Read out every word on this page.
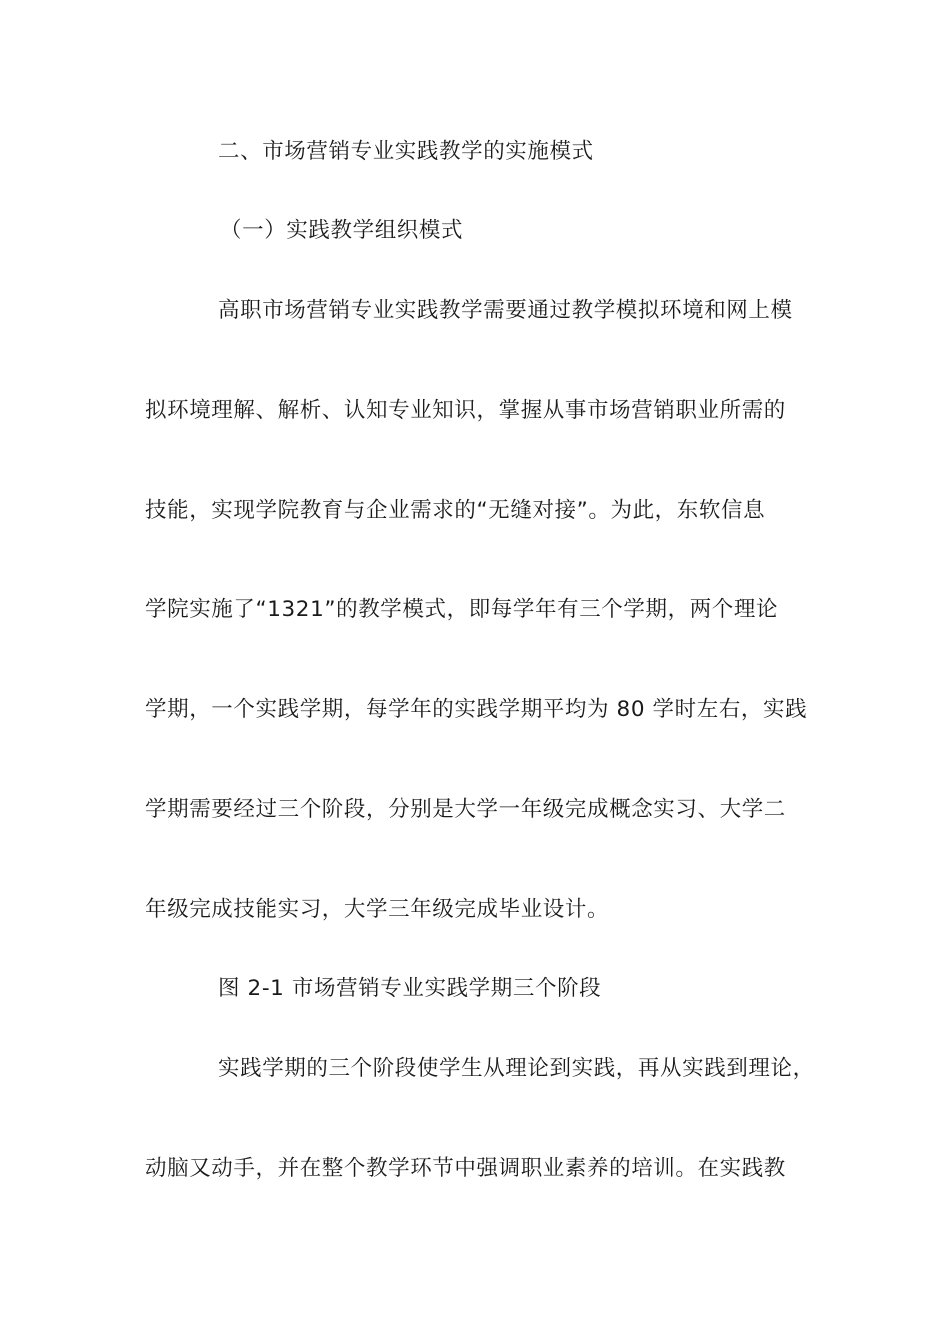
二、市场营销专业实践教学的实施模式
（一）实践教学组织模式
高职市场营销专业实践教学需要通过教学模拟环境和网上模
拟环境理解、解析、认知专业知识，掌握从事市场营销职业所需的
技能，实现学院教育与企业需求的“无缝对接”。为此，东软信息
学院实施了“1321”的教学模式，即每学年有三个学期，两个理论
学期，一个实践学期，每学年的实践学期平均为 80 学时左右，实践
学期需要经过三个阶段，分别是大学一年级完成概念实习、大学二
年级完成技能实习，大学三年级完成毕业设计。
图 2-1 市场营销专业实践学期三个阶段
实践学期的三个阶段使学生从理论到实践，再从实践到理论，
动脑又动手，并在整个教学环节中强调职业素养的培训。在实践教
